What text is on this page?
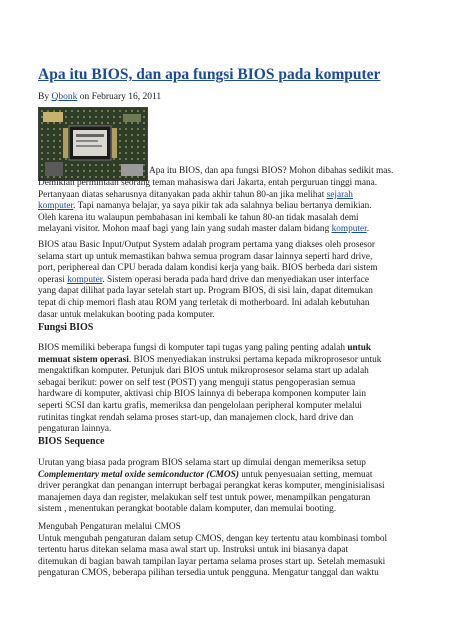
Apa itu BIOS, dan apa fungsi BIOS pada komputer
By Qbonk on February 16, 2011
Apa itu BIOS, dan apa fungsi BIOS? Mohon dibahas sedikit mas.

Demikian permintaan seorang teman mahasiswa dari Jakarta, entah perguruan tinggi mana.
Pertanyaan diatas seharusnya ditanyakan pada akhir tahun 80-an jika melihat sejarah
komputer. Tapi namanya belajar, ya saya pikir tak ada salahnya beliau bertanya demikian.
Oleh karena itu walaupun pembahasan ini kembali ke tahun 80-an tidak masalah demi
melayani visitor. Mohon maaf bagi yang lain yang sudah master dalam bidang komputer.

BIOS atau Basic Input/Output System adalah program pertama yang diakses oleh prosesor
selama start up untuk memastikan bahwa semua program dasar lainnya seperti hard drive,
port, periphereal dan CPU berada dalam kondisi kerja yang baik. BIOS berbeda dari sistem
operasi komputer. Sistem operasi berada pada hard drive dan menyediakan user interface
yang dapat dilihat pada layar setelah start up. Program BIOS, di sisi lain, dapat ditemukan
tepat di chip memori flash atau ROM yang terletak di motherboard. Ini adalah kebutuhan
dasar untuk melakukan booting pada komputer.

Fungsi BIOS

BIOS memiliki beberapa fungsi di komputer tapi tugas yang paling penting adalah untuk
memuat sistem operasi. BIOS menyediakan instruksi pertama kepada mikroprosesor untuk
mengaktifkan komputer. Petunjuk dari BIOS untuk mikroprosesor selama start up adalah
sebagai berikut: power on self test (POST) yang menguji status pengoperasian semua
hardware di komputer, aktivasi chip BIOS lainnya di beberapa komponen komputer lain
seperti SCSI dan kartu grafis, memeriksa dan pengelolaan peripheral komputer melalui
rutinitas tingkat rendah selama proses start-up, dan manajemen clock, hard drive dan
pengaturan lainnya.

BIOS Sequence

Urutan yang biasa pada program BIOS selama start up dimulai dengan memeriksa setup
Complementary metal oxide semiconductor (CMOS) untuk penyesuaian setting, memuat
driver perangkat dan penangan interrupt berbagai perangkat keras komputer, menginisialisasi
manajemen daya dan register, melakukan self test untuk power, menampilkan pengaturan
sistem , menentukan perangkat bootable dalam komputer, dan memulai booting.

Mengubah Pengaturan melalui CMOS
Untuk mengubah pengaturan dalam setup CMOS, dengan key tertentu atau kombinasi tombol
tertentu harus ditekan selama masa awal start up. Instruksi untuk ini biasanya dapat
ditemukan di bagian bawah tampilan layar pertama selama proses start up. Setelah memasuki
pengaturan CMOS, beberapa pilihan tersedia untuk pengguna. Mengatur tanggal dan waktu
